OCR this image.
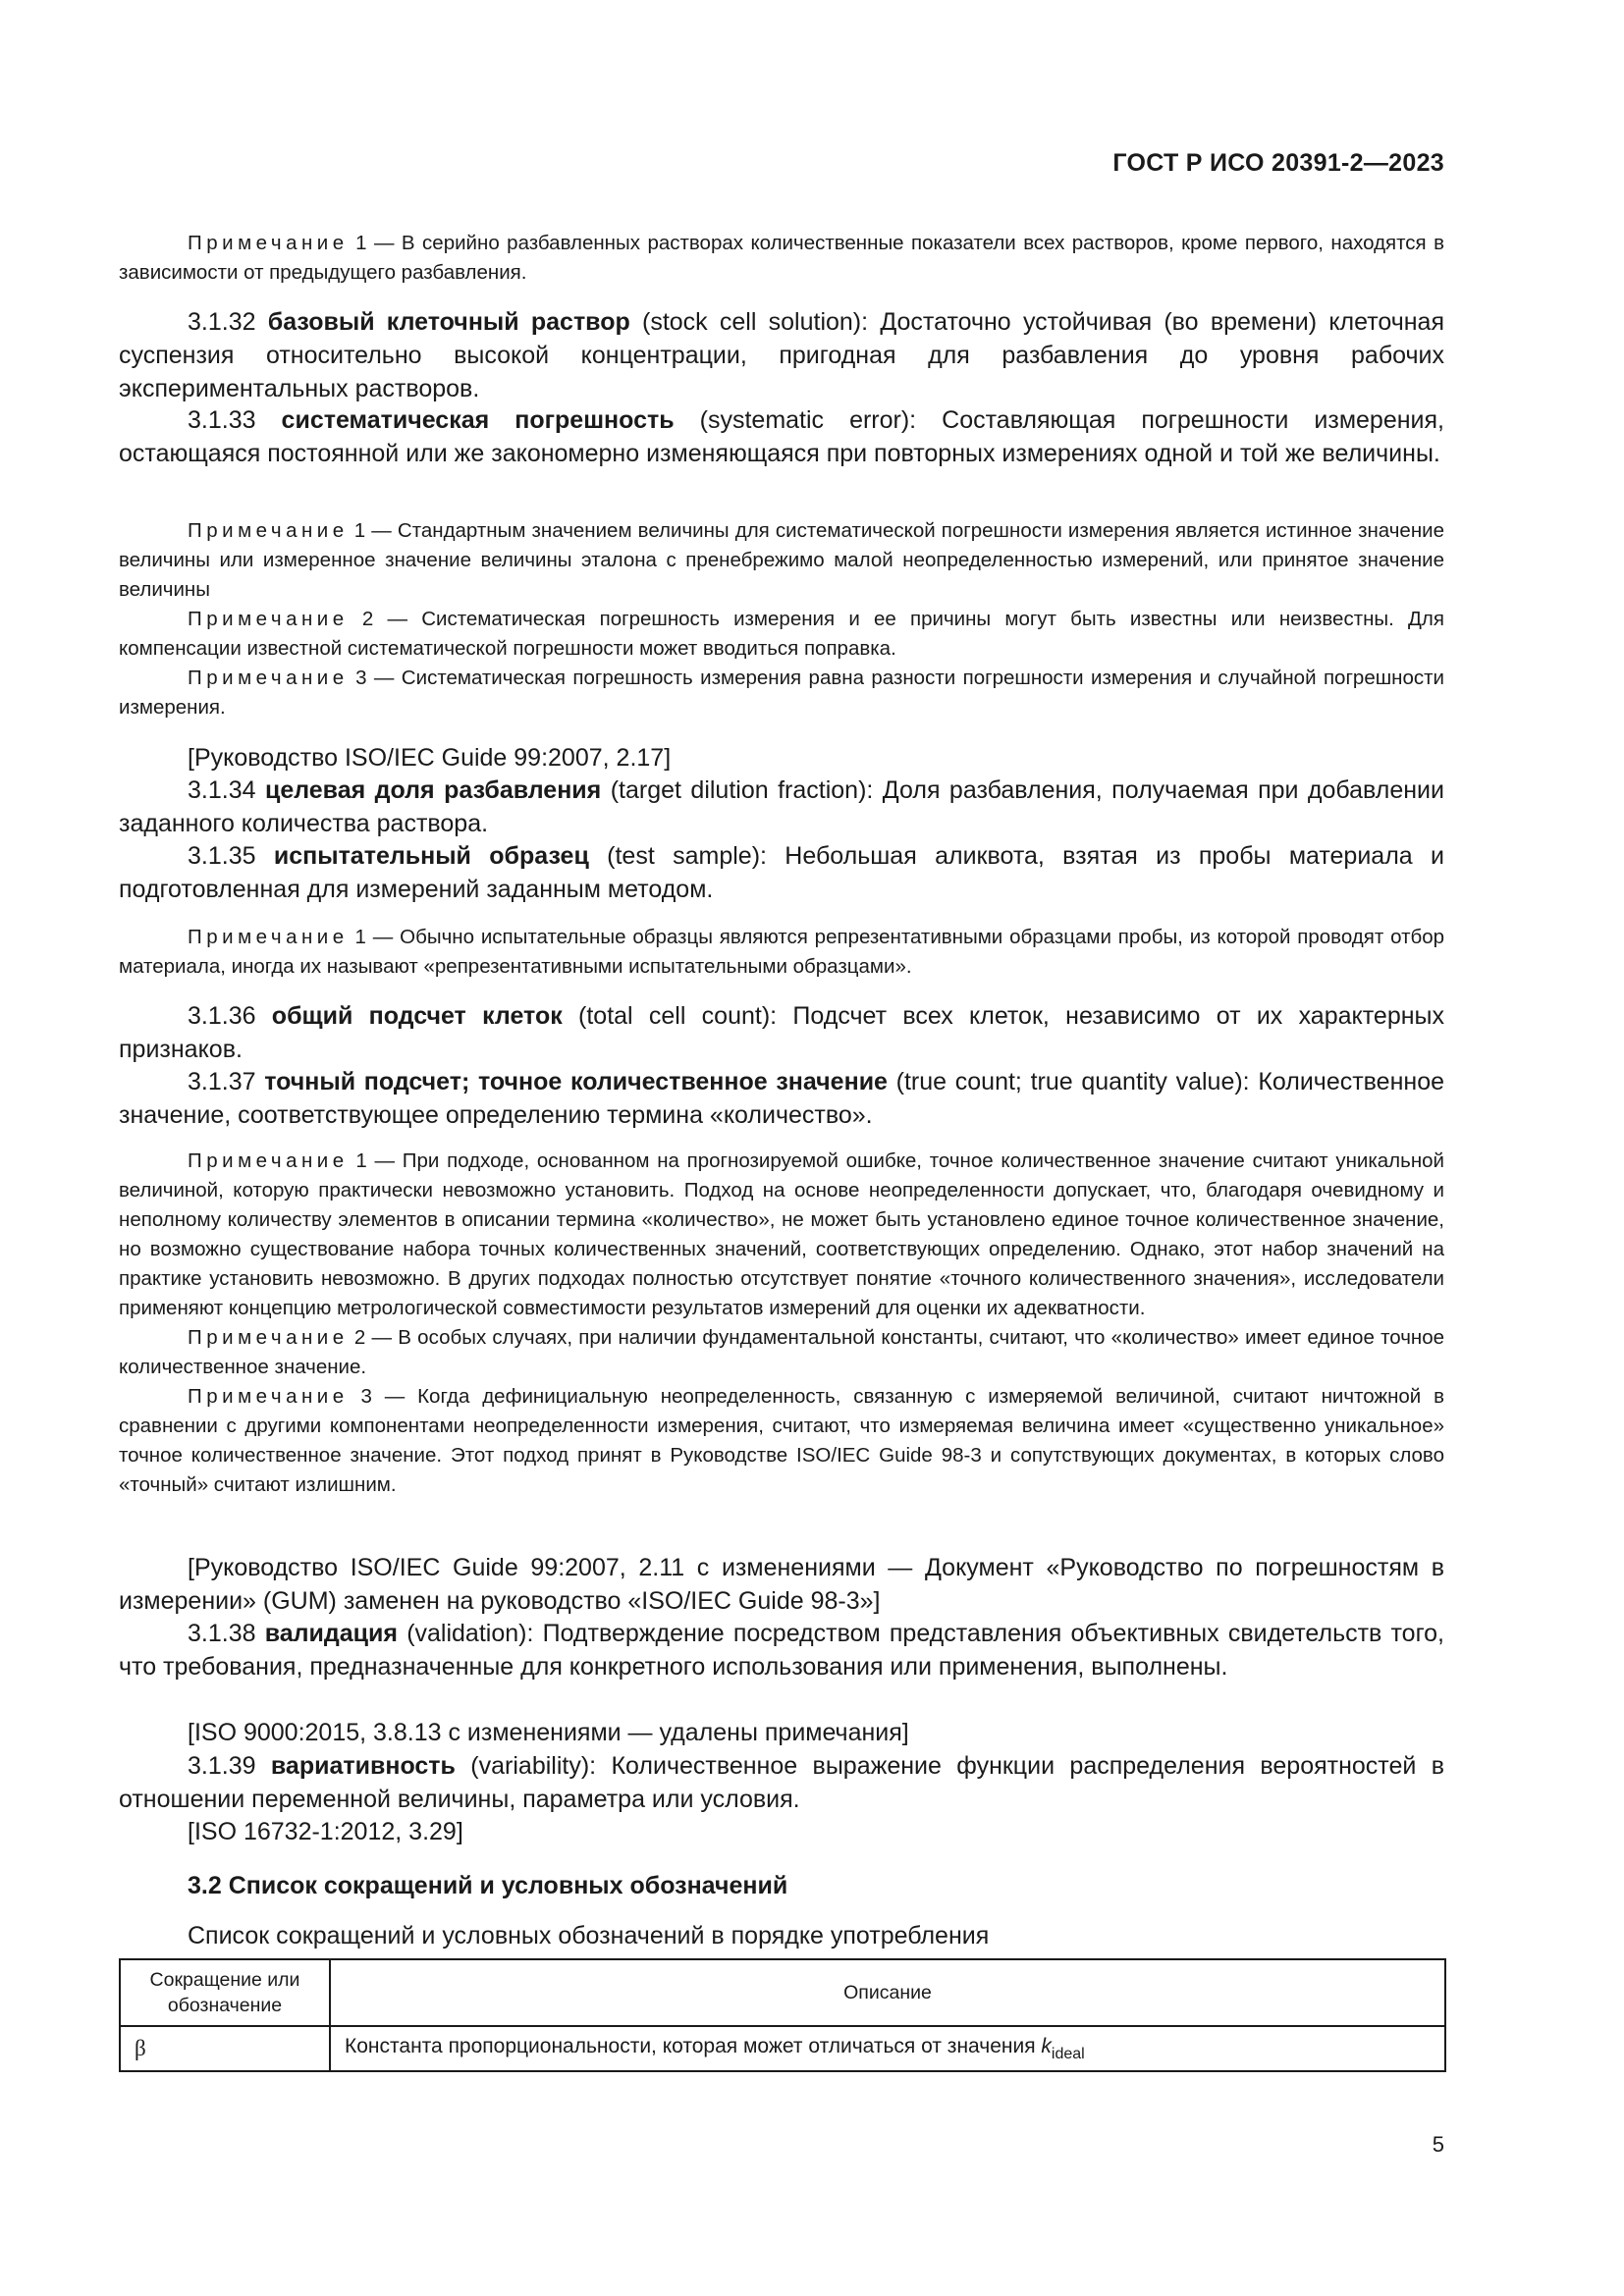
ГОСТ Р ИСО 20391-2—2023

Примечание 1 — В серийно разбавленных растворах количественные показатели всех растворов, кроме первого, находятся в зависимости от предыдущего разбавления.

3.1.32 базовый клеточный раствор (stock cell solution): Достаточно устойчивая (во времени) клеточная суспензия относительно высокой концентрации, пригодная для разбавления до уровня рабочих экспериментальных растворов.

3.1.33 систематическая погрешность (systematic error): Составляющая погрешности измерения, остающаяся постоянной или же закономерно изменяющаяся при повторных измерениях одной и той же величины.

Примечание 1 — Стандартным значением величины для систематической погрешности измерения является истинное значение величины или измеренное значение величины эталона с пренебрежимо малой неопределенностью измерений, или принятое значение величины

Примечание 2 — Систематическая погрешность измерения и ее причины могут быть известны или неизвестны. Для компенсации известной систематической погрешности может вводиться поправка.

Примечание 3 — Систематическая погрешность измерения равна разности погрешности измерения и случайной погрешности измерения.

[Руководство ISO/IEC Guide 99:2007, 2.17]

3.1.34 целевая доля разбавления (target dilution fraction): Доля разбавления, получаемая при добавлении заданного количества раствора.

3.1.35 испытательный образец (test sample): Небольшая аликвота, взятая из пробы материала и подготовленная для измерений заданным методом.

Примечание 1 — Обычно испытательные образцы являются репрезентативными образцами пробы, из которой проводят отбор материала, иногда их называют «репрезентативными испытательными образцами».

3.1.36 общий подсчет клеток (total cell count): Подсчет всех клеток, независимо от их характерных признаков.

3.1.37 точный подсчет; точное количественное значение (true count; true quantity value): Количественное значение, соответствующее определению термина «количество».

Примечание 1 — При подходе, основанном на прогнозируемой ошибке, точное количественное значение считают уникальной величиной, которую практически невозможно установить. Подход на основе неопределенности допускает, что, благодаря очевидному и неполному количеству элементов в описании термина «количество», не может быть установлено единое точное количественное значение, но возможно существование набора точных количественных значений, соответствующих определению. Однако, этот набор значений на практике установить невозможно. В других подходах полностью отсутствует понятие «точного количественного значения», исследователи применяют концепцию метрологической совместимости результатов измерений для оценки их адекватности.

Примечание 2 — В особых случаях, при наличии фундаментальной константы, считают, что «количество» имеет единое точное количественное значение.

Примечание 3 — Когда дефинициальную неопределенность, связанную с измеряемой величиной, считают ничтожной в сравнении с другими компонентами неопределенности измерения, считают, что измеряемая величина имеет «существенно уникальное» точное количественное значение. Этот подход принят в Руководстве ISO/IEC Guide 98-3 и сопутствующих документах, в которых слово «точный» считают излишним.

[Руководство ISO/IEC Guide 99:2007, 2.11 с изменениями — Документ «Руководство по погрешностям в измерении» (GUM) заменен на руководство «ISO/IEC Guide 98-3»]

3.1.38 валидация (validation): Подтверждение посредством представления объективных свидетельств того, что требования, предназначенные для конкретного использования или применения, выполнены.

[ISO 9000:2015, 3.8.13 с изменениями — удалены примечания]

3.1.39 вариативность (variability): Количественное выражение функции распределения вероятностей в отношении переменной величины, параметра или условия.

[ISO 16732-1:2012, 3.29]

3.2 Список сокращений и условных обозначений

Список сокращений и условных обозначений в порядке употребления

Сокращение или обозначение	Описание
β	Константа пропорциональности, которая может отличаться от значения $k_{ideal}$
5
